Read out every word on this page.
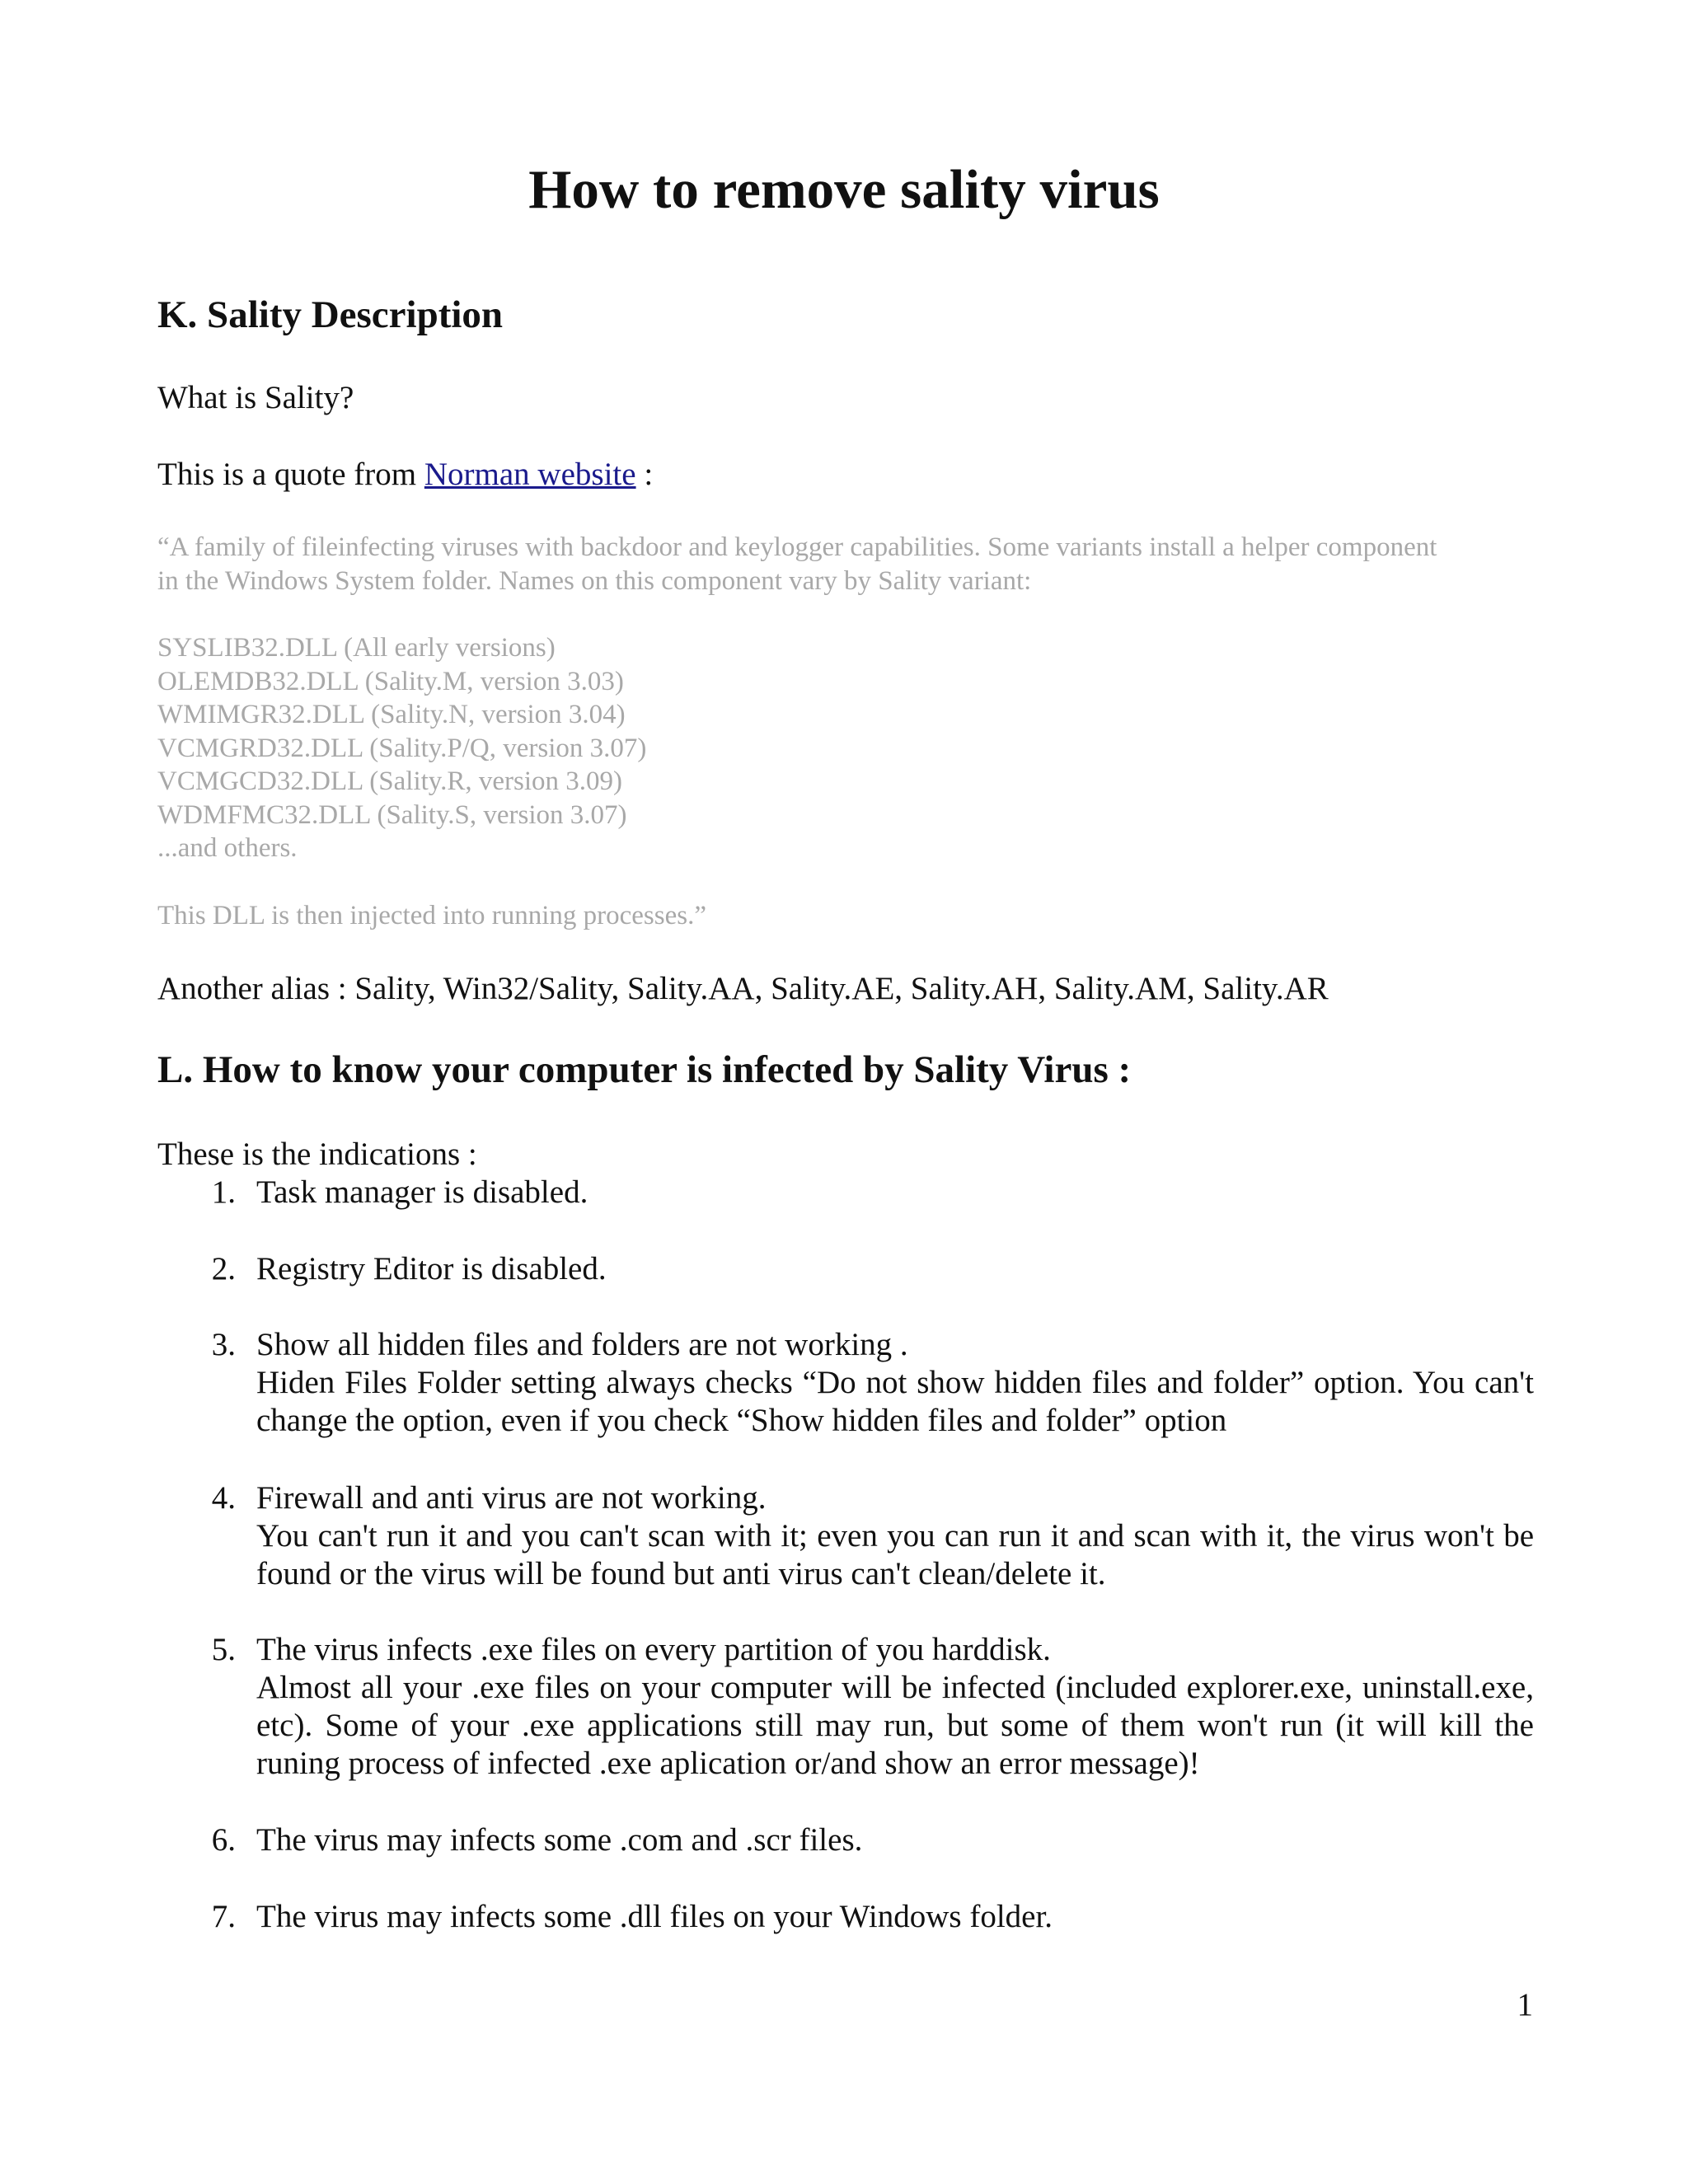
How to remove sality virus
K. Sality Description

What is Sality?

This is a quote from Norman website :

“A family of fileinfecting viruses with backdoor and keylogger capabilities. Some variants install a helper component
in the Windows System folder. Names on this component vary by Sality variant:
SYSLIB32.DLL (All early versions)
OLEMDB32.DLL (Sality.M, version 3.03)
WMIMGR32.DLL (Sality.N, version 3.04)
VCMGRD32.DLL (Sality.P/Q, version 3.07)
VCMGCD32.DLL (Sality.R, version 3.09)
WDMFMC32.DLL (Sality.S, version 3.07)
...and others.
This DLL is then injected into running processes.”

Another alias : Sality, Win32/Sality, Sality.AA, Sality.AE, Sality.AH, Sality.AM, Sality.AR

L. How to know your computer is infected by Sality Virus :

These is the indications :

1 . Task manager is disabled.
2 . Registry Editor is disabled.
3 . Show all hidden files and folders are not working .
Hiden Files Folder setting always checks “Do not show hidden files and folder” option. You can't change the option, even if you check “Show hidden files and folder” option
4 . Firewall and anti virus are not working.
You can't run it and you can't scan with it; even you can run it and scan with it, the virus won't be found or the virus will be found but anti virus can't clean/delete it.
5 . The virus infects .exe files on every partition of you harddisk.
Almost all your .exe files on your computer will be infected (included explorer.exe, uninstall.exe, etc). Some of your .exe applications still may run, but some of them won't run (it will kill the runing process of infected .exe aplication or/and show an error message)!
6 . The virus may infects some .com and .scr files.
7 . The virus may infects some .dll files on your Windows folder.
1
